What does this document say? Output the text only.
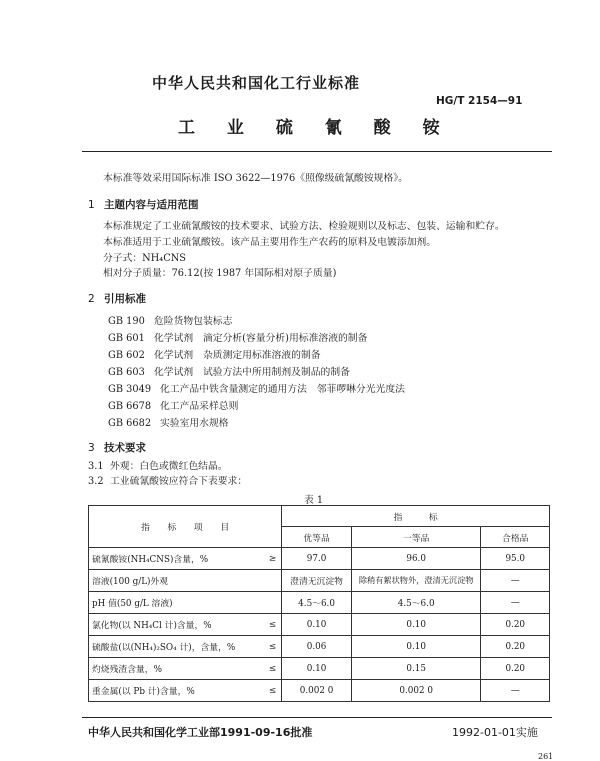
中华人民共和国化工行业标准
HG/T 2154—91
工 业 硫 氰 酸 铵
本标准等效采用国际标准 ISO 3622—1976《照像级硫氰酸铵规格》。
1 主题内容与适用范围
本标准规定了工业硫氰酸铵的技术要求、试验方法、检验规则以及标志、包装、运输和贮存。
本标准适用于工业硫氰酸铵。该产品主要用作生产农药的原料及电镀添加剂。
分子式：NH₄CNS
相对分子质量：76.12(按 1987 年国际相对原子质量)
2 引用标准
GB 190 危险货物包装标志
GB 601 化学试剂　滴定分析(容量分析)用标准溶液的制备
GB 602 化学试剂　杂质测定用标准溶液的制备
GB 603 化学试剂　试验方法中所用制剂及制品的制备
GB 3049 化工产品中铁含量测定的通用方法　邻菲啰啉分光光度法
GB 6678 化工产品采样总则
GB 6682 实验室用水规格
3 技术要求
3.1 外观：白色或微红色结晶。
3.2 工业硫氰酸铵应符合下表要求：
表 1
指　　标　　项　　目		指　　　标		
		优等品	一等品	合格品
硫氰酸铵(NH₄CNS)含量，%	≥	97.0	96.0	95.0
溶液(100 g/L)外观		澄清无沉淀物	除稍有絮状物外，澄清无沉淀物	—
pH 值(50 g/L 溶液)		4.5～6.0	4.5～6.0	—
氯化物(以 NH₄Cl 计)含量，%	≤	0.10	0.10	0.20
硫酸盐(以(NH₄)₂SO₄ 计)，含量，%	≤	0.06	0.10	0.20
灼烧残渣含量，%	≤	0.10	0.15	0.20
重金属(以 Pb 计)含量，%	≤	0.002 0	0.002 0	—
中华人民共和国化学工业部1991-09-16批准	1992-01-01实施
261
